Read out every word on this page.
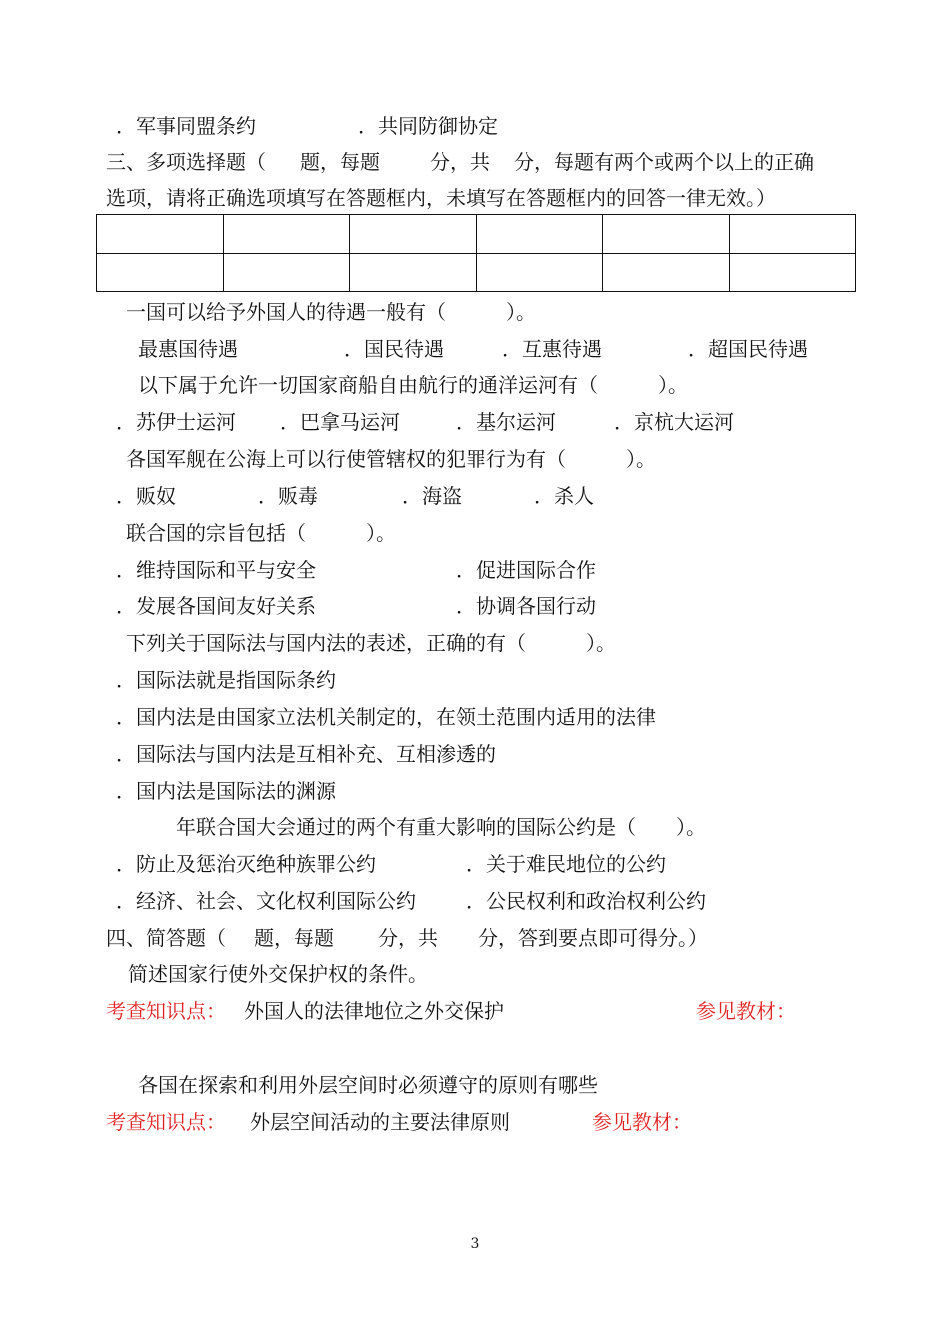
．军事同盟条约	．共同防御协定
三、多项选择题（ 题，每题	分，共 分，每题有两个或两个以上的正确
选项，请将正确选项填写在答题框内，未填写在答题框内的回答一律无效。）

一国可以给予外国人的待遇一般有（　　　）。
最惠国待遇	．国民待遇	．互惠待遇	．超国民待遇
以下属于允许一切国家商船自由航行的通洋运河有（　　　）。
．苏伊士运河 ．巴拿马运河	．基尔运河	．京杭大运河
各国军舰在公海上可以行使管辖权的犯罪行为有（　　　）。
．贩奴	．贩毒	．海盗	．杀人
联合国的宗旨包括（　　　）。
．维持国际和平与安全	．促进国际合作
．发展各国间友好关系	．协调各国行动
下列关于国际法与国内法的表述，正确的有（　　　）。
．国际法就是指国际条约
．国内法是由国家立法机关制定的，在领土范围内适用的法律
．国际法与国内法是互相补充、互相渗透的
．国内法是国际法的渊源
年联合国大会通过的两个有重大影响的国际公约是（　　）。
．防止及惩治灭绝种族罪公约	．关于难民地位的公约
．经济、社会、文化权利国际公约	．公民权利和政治权利公约
四、简答题（ 题，每题 分，共 分，答到要点即可得分。）
简述国家行使外交保护权的条件。
考查知识点： 外国人的法律地位之外交保护	参见教材：
各国在探索和利用外层空间时必须遵守的原则有哪些
考查知识点： 外层空间活动的主要法律原则	参见教材：
3
